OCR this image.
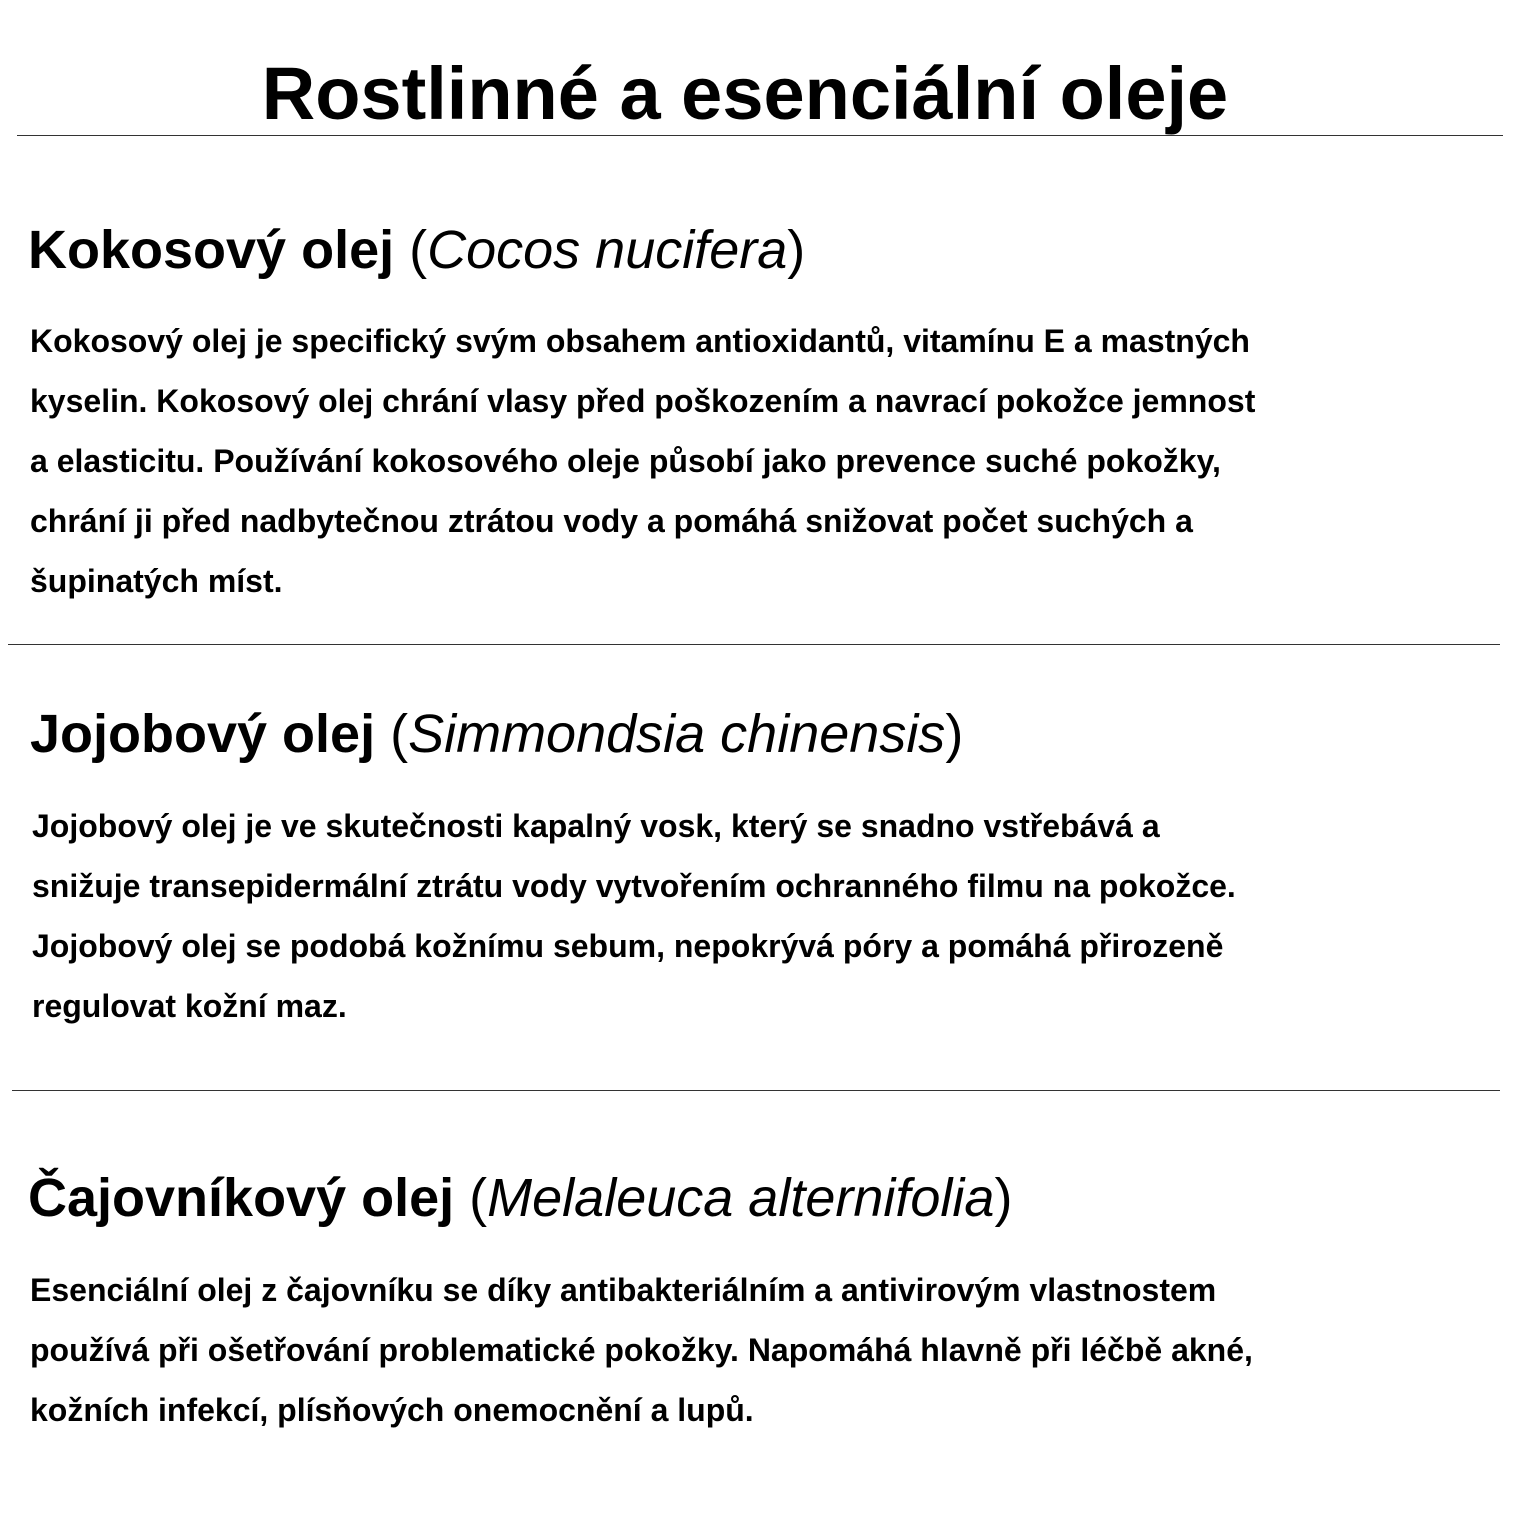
Rostlinné a esenciální oleje
Kokosový olej (Cocos nucifera)
Kokosový olej je specifický svým obsahem antioxidantů, vitamínu E a mastných
kyselin. Kokosový olej chrání vlasy před poškozením a navrací pokožce jemnost
a elasticitu. Používání kokosového oleje působí jako prevence suché pokožky,
chrání ji před nadbytečnou ztrátou vody a pomáhá snižovat počet suchých a
šupinatých míst.
Jojobový olej (Simmondsia chinensis)
Jojobový olej je ve skutečnosti kapalný vosk, který se snadno vstřebává a
snižuje transepidermální ztrátu vody vytvořením ochranného filmu na pokožce.
Jojobový olej se podobá kožnímu sebum, nepokrývá póry a pomáhá přirozeně
regulovat kožní maz.
Čajovníkový olej (Melaleuca alternifolia)
Esenciální olej z čajovníku se díky antibakteriálním a antivirovým vlastnostem
používá při ošetřování problematické pokožky. Napomáhá hlavně při léčbě akné,
kožních infekcí, plísňových onemocnění a lupů.
